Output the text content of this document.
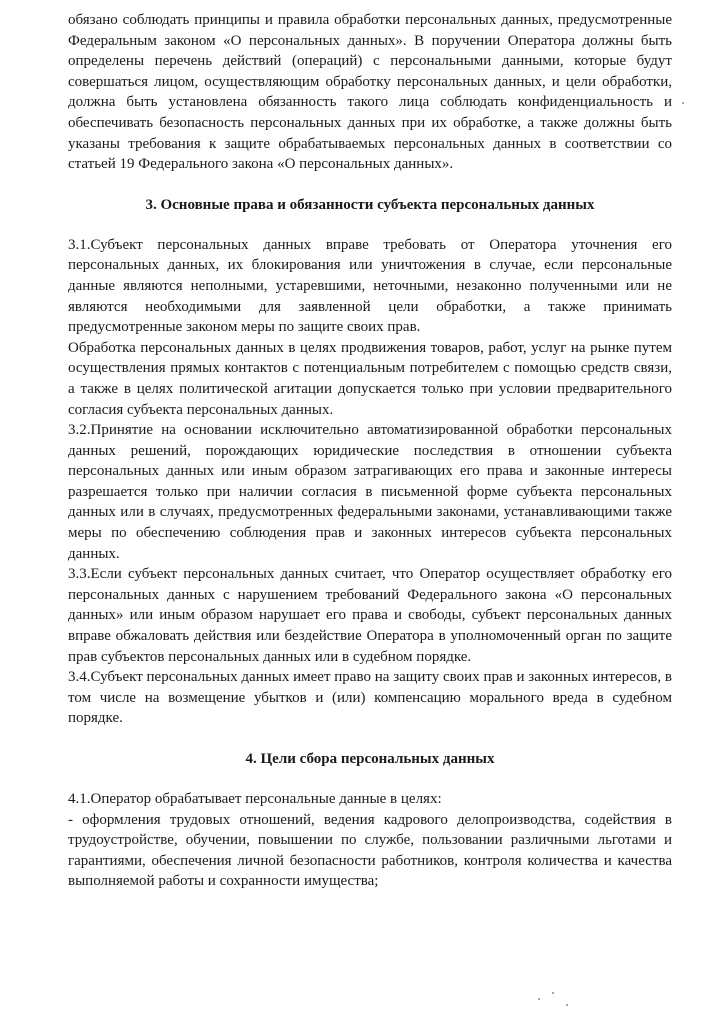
обязано соблюдать принципы и правила обработки персональных данных, предусмотренные Федеральным законом «О персональных данных». В поручении Оператора должны быть определены перечень действий (операций) с персональными данными, которые будут совершаться лицом, осуществляющим обработку персональных данных, и цели обработки, должна быть установлена обязанность такого лица соблюдать конфиденциальность и обеспечивать безопасность персональных данных при их обработке, а также должны быть указаны требования к защите обрабатываемых персональных данных в соответствии со статьей 19 Федерального закона «О персональных данных».

3. Основные права и обязанности субъекта персональных данных

3.1.Субъект персональных данных вправе требовать от Оператора уточнения его персональных данных, их блокирования или уничтожения в случае, если персональные данные являются неполными, устаревшими, неточными, незаконно полученными или не являются необходимыми для заявленной цели обработки, а также принимать предусмотренные законом меры по защите своих прав.

Обработка персональных данных в целях продвижения товаров, работ, услуг на рынке путем осуществления прямых контактов с потенциальным потребителем с помощью средств связи, а также в целях политической агитации допускается только при условии предварительного согласия субъекта персональных данных.

3.2.Принятие на основании исключительно автоматизированной обработки персональных данных решений, порождающих юридические последствия в отношении субъекта персональных данных или иным образом затрагивающих его права и законные интересы разрешается только при наличии согласия в письменной форме субъекта персональных данных или в случаях, предусмотренных федеральными законами, устанавливающими также меры по обеспечению соблюдения прав и законных интересов субъекта персональных данных.

3.3.Если субъект персональных данных считает, что Оператор осуществляет обработку его персональных данных с нарушением требований Федерального закона «О персональных данных» или иным образом нарушает его права и свободы, субъект персональных данных вправе обжаловать действия или бездействие Оператора в уполномоченный орган по защите прав субъектов персональных данных или в судебном порядке.

3.4.Субъект персональных данных имеет право на защиту своих прав и законных интересов, в том числе на возмещение убытков и (или) компенсацию морального вреда в судебном порядке.

4. Цели сбора персональных данных

4.1.Оператор обрабатывает персональные данные в целях:

- оформления трудовых отношений, ведения кадрового делопроизводства, содействия в трудоустройстве, обучении, повышении по службе, пользовании различными льготами и гарантиями, обеспечения личной безопасности работников, контроля количества и качества выполняемой работы и сохранности имущества;
